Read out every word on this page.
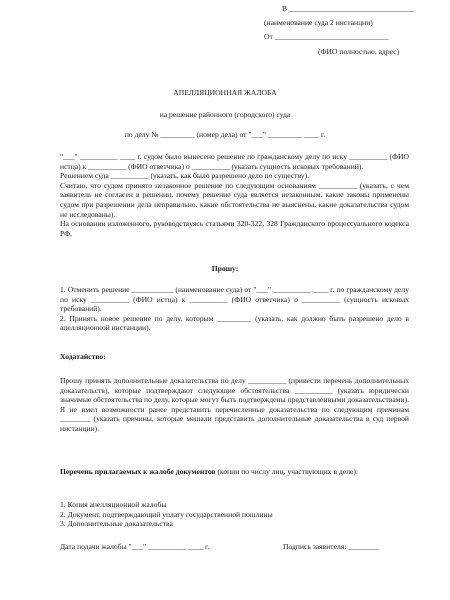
В _________________________________
(наименование суда 2 инстанции)
От ______________________________
(ФИО полностью, адрес)
АПЕЛЛЯЦИОННАЯ ЖАЛОБА
на решение районного (городского) суда
по делу № _________ (номер дела) от "___" _________ ____ г.

"___" __________ ____ г. судом было вынесено решение по гражданскому делу по иску __________ (ФИО истца) к __________ (ФИО ответчика) о __________ (указать сущность исковых требований).

Решением суда __________ (указать, как было разрешено дело по существу).

Считаю, что судом принято незаконное решение по следующим основаниям __________ (указать, с чем заявитель не согласен в решении, почему решение суда является незаконным, какие законы применены судом при разрешении дела неправильно, какие обстоятельства не выяснены, какие доказательства судом не исследованы).

На основании изложенного, руководствуясь статьями 320-322, 328 Гражданского процессуального кодекса РФ,

Прошу:

1. Отменить решение ___________ (наименование суда) от "___" __________ ____ г. по гражданскому делу по иску __________ (ФИО истца) к __________ (ФИО ответчика) о __________ (сущность исковых требований).

2. Принять новое решение по делу, которым _________ (указать, как должно быть разрешено дело в апелляционной инстанции).

Ходатайство:
Прошу принять дополнительные доказательства по делу __________ (привести перечень дополнительных доказательств), которые подтверждают следующие обстоятельства __________ (указать юридически значимые обстоятельства по делу, которые могут быть подтверждены представленными доказательствами). Я не имел возможности ранее представить перечисленные доказательства по следующим причинам ________ (указать причины, которые мешали представить дополнительные доказательства в суд первой инстанции).
Перечень прилагаемых к жалобе документов (копии по числу лиц, участвующих в деле):

1. Копия апелляционной жалобы

2. Документ, подтверждающий уплату государственной пошлины

3. Дополнительные доказательства

Дата подачи жалобы "___" __________ ____ г.	Подпись заявителя: ________
